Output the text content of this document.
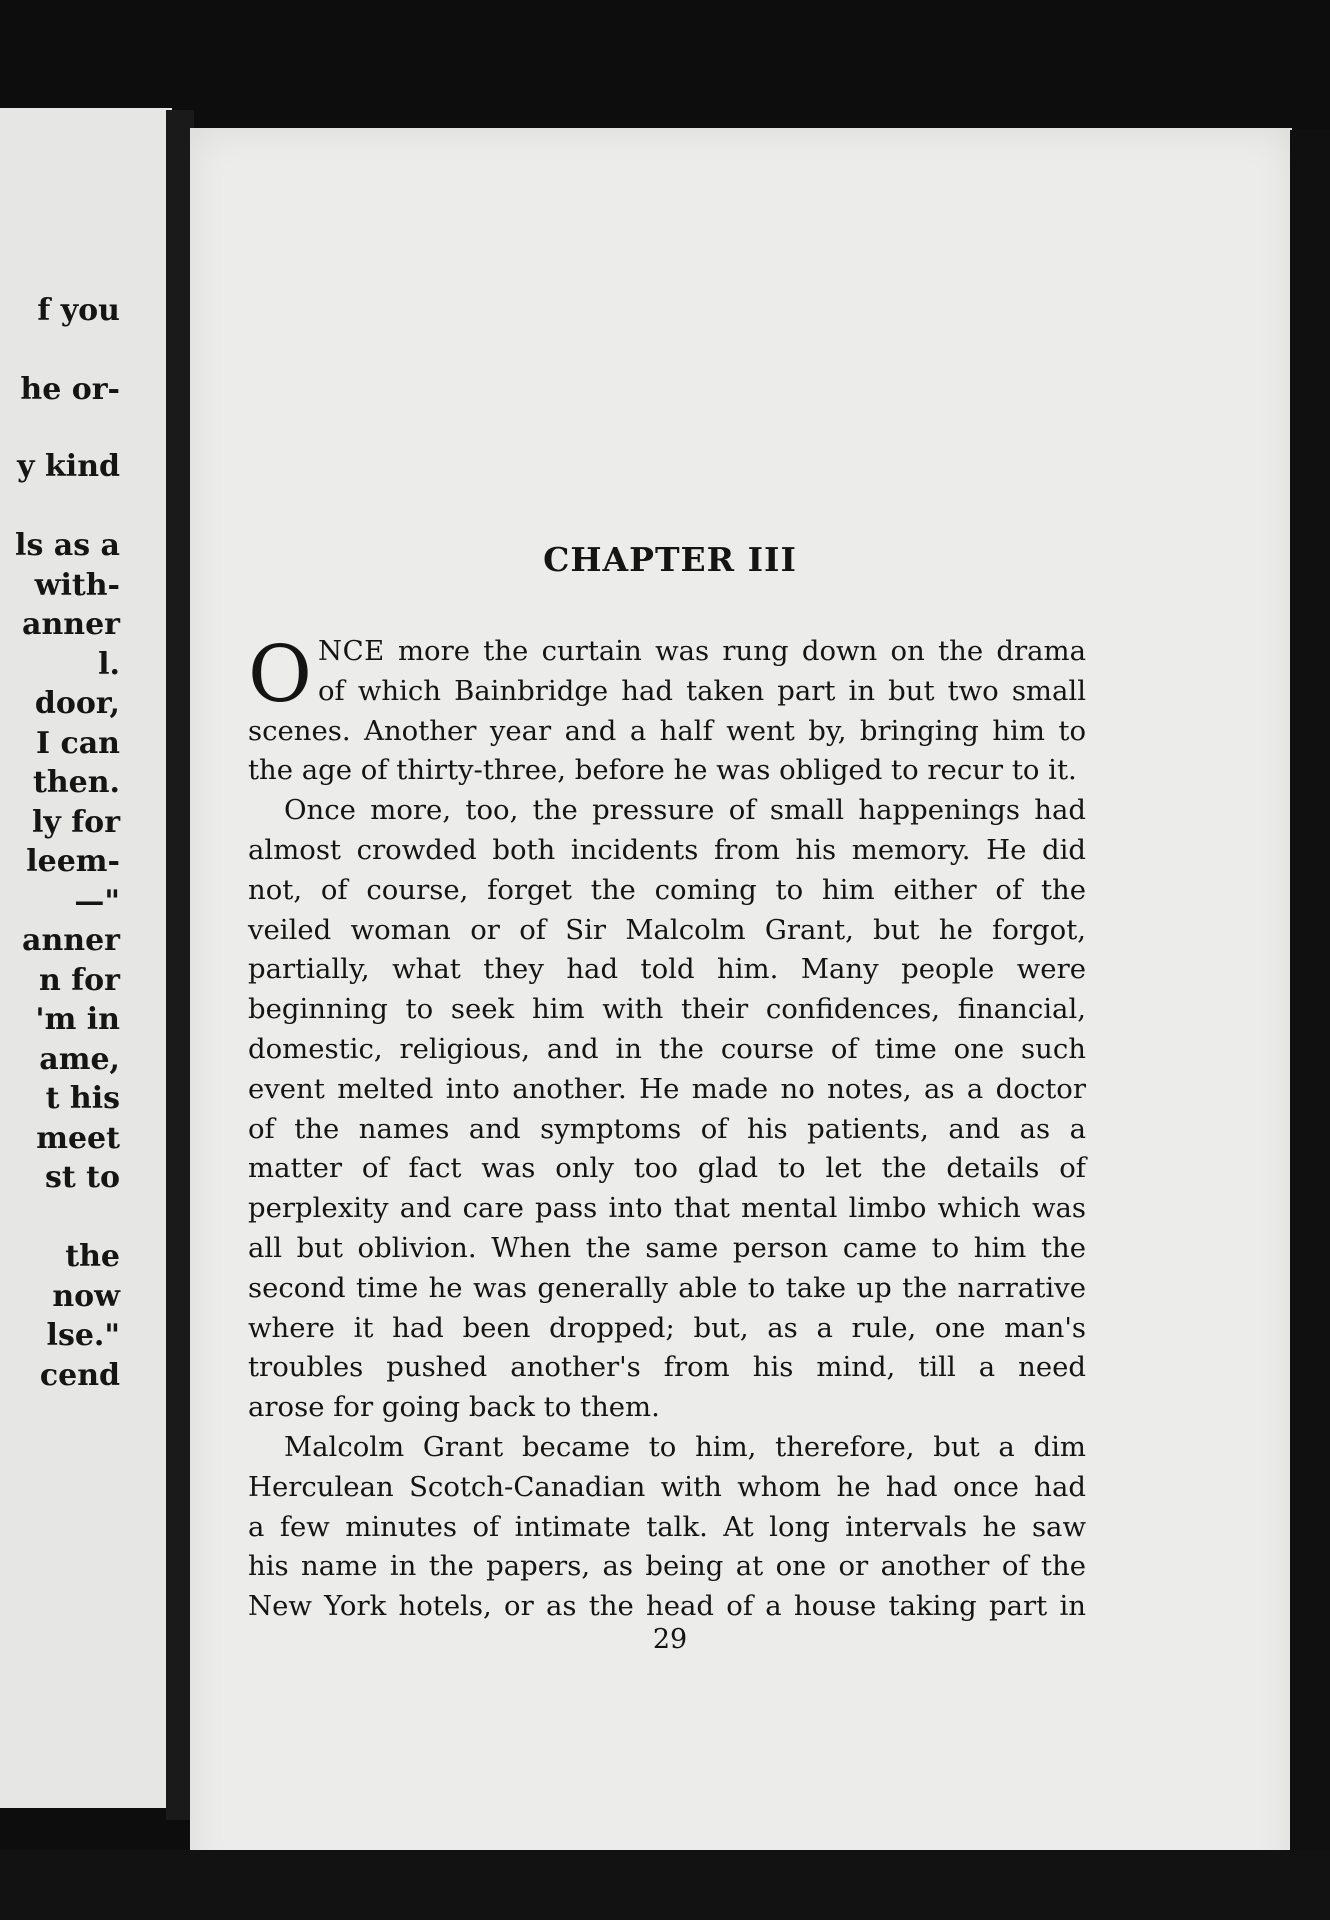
f you
he or-
y kind
ls as a
with-
anner
l.
door,
I can
then.
ly for
leem-
—"
anner
n for
'm in
ame,
t his
meet
st to
the
now
lse."
cend
CHAPTER III
O NCE more the curtain was rung down on the drama
of which Bainbridge had taken part in but two small
scenes. Another year and a half went by, bringing him to
the age of thirty-three, before he was obliged to recur to it.
Once more, too, the pressure of small happenings had
almost crowded both incidents from his memory. He did
not, of course, forget the coming to him either of the
veiled woman or of Sir Malcolm Grant, but he forgot,
partially, what they had told him. Many people were
beginning to seek him with their confidences, financial,
domestic, religious, and in the course of time one such
event melted into another. He made no notes, as a doctor
of the names and symptoms of his patients, and as a
matter of fact was only too glad to let the details of
perplexity and care pass into that mental limbo which was
all but oblivion. When the same person came to him the
second time he was generally able to take up the narrative
where it had been dropped; but, as a rule, one man's
troubles pushed another's from his mind, till a need
arose for going back to them.
Malcolm Grant became to him, therefore, but a dim
Herculean Scotch-Canadian with whom he had once had
a few minutes of intimate talk. At long intervals he saw
his name in the papers, as being at one or another of the
New York hotels, or as the head of a house taking part in
29
